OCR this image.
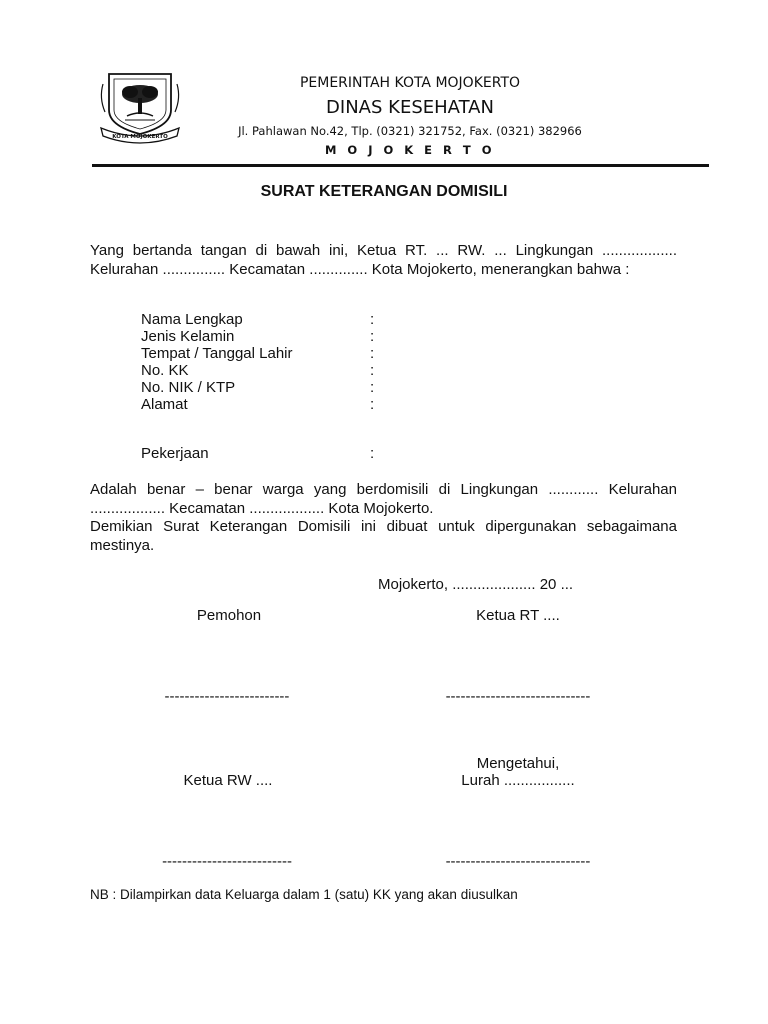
KOTA MOJOKERTO
PEMERINTAH KOTA MOJOKERTO
DINAS KESEHATAN
Jl. Pahlawan No.42, Tlp. (0321) 321752, Fax. (0321) 382966
M O J O K E R T O
SURAT KETERANGAN DOMISILI
Yang bertanda tangan di bawah ini, Ketua RT. ... RW. ... Lingkungan .................. Kelurahan ............... Kecamatan .............. Kota Mojokerto, menerangkan bahwa :
Nama Lengkap	:
Jenis Kelamin	:
Tempat / Tanggal Lahir	:
No. KK	:
No. NIK / KTP	:
Alamat	:
Pekerjaan	:
Adalah benar – benar warga yang berdomisili di Lingkungan ............ Kelurahan .................. Kecamatan .................. Kota Mojokerto.
Demikian Surat Keterangan Domisili ini dibuat untuk dipergunakan sebagaimana mestinya.
Mojokerto, .................... 20 ...
Pemohon	Ketua RT ....
-------------------------	-----------------------------
Mengetahui,
Ketua RW ....	Lurah .................
--------------------------	-----------------------------
NB : Dilampirkan data Keluarga dalam 1 (satu) KK yang akan diusulkan
